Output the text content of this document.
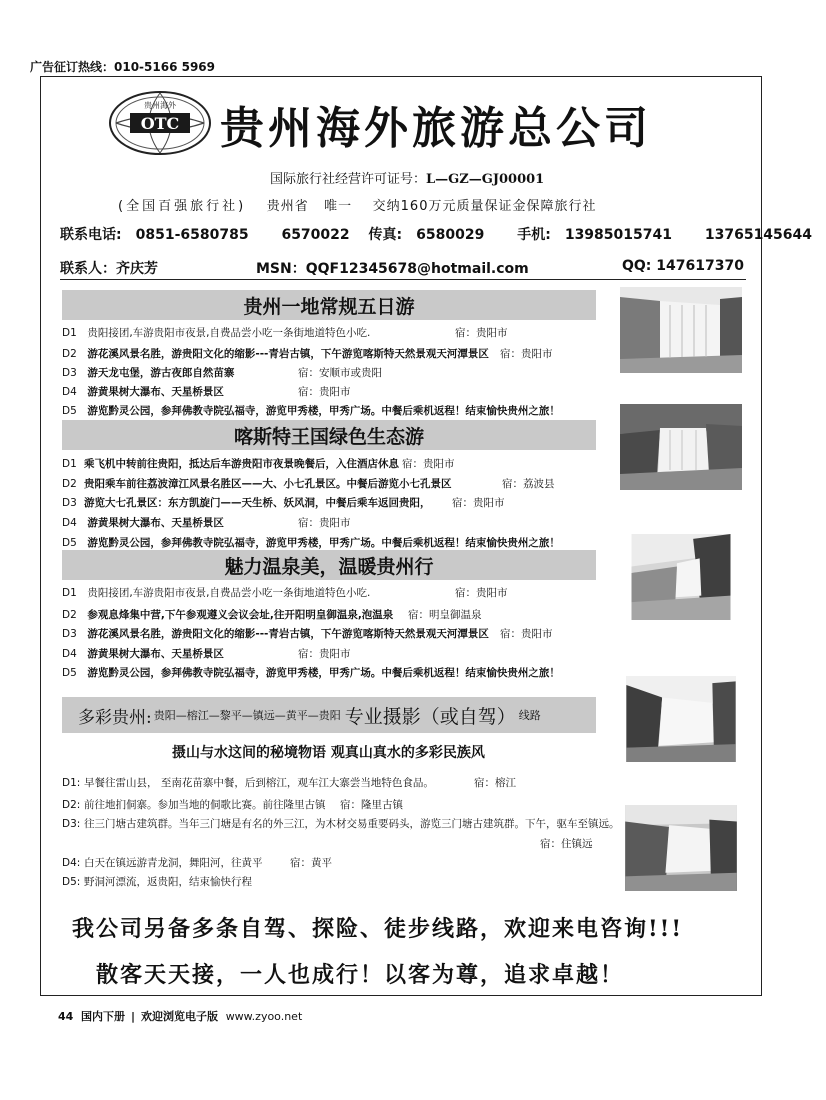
广告征订热线：010-5166 5969
OTC
贵州海外 贵州海外旅游总公司
国际旅行社经营许可证号：L—GZ—GJ00001
(全国百强旅行社) 贵州省 唯一 交纳160万元质量保证金保障旅行社
联系电话: 0851-6580785 6570022 传真: 6580029 手机: 13985015741 13765145644
联系人：齐庆芳	MSN：QQF12345678@hotmail.com	QQ: 147617370
贵州一地常规五日游
D1 贵阳接团,车游贵阳市夜景,自费品尝小吃一条街地道特色小吃.	宿：贵阳市
D2 游花溪风景名胜，游贵阳文化的缩影---青岩古镇，下午游览喀斯特天然景观天河潭景区 宿：贵阳市
D3 游天龙屯堡，游古夜郎自然苗寨	宿：安顺市或贵阳
D4 游黄果树大瀑布、天星桥景区	宿：贵阳市
D5 游览黔灵公园，参拜佛教寺院弘福寺，游览甲秀楼，甲秀广场。中餐后乘机返程！结束愉快贵州之旅！
喀斯特王国绿色生态游
D1 乘飞机中转前往贵阳，抵达后车游贵阳市夜景晚餐后，入住酒店休息 宿：贵阳市
D2 贵阳乘车前往荔波漳江风景名胜区——大、小七孔景区。中餐后游览小七孔景区	宿：荔波县
D3 游览大七孔景区：东方凯旋门——天生桥、妖风洞，中餐后乘车返回贵阳， 宿：贵阳市
D4 游黄果树大瀑布、天星桥景区	宿：贵阳市
D5 游览黔灵公园，参拜佛教寺院弘福寺，游览甲秀楼，甲秀广场。中餐后乘机返程！结束愉快贵州之旅！
魅力温泉美，温暖贵州行
D1 贵阳接团,车游贵阳市夜景,自费品尝小吃一条街地道特色小吃.	宿：贵阳市
D2 参观息烽集中营,下午参观遵义会议会址,往开阳明皇御温泉,泡温泉 宿：明皇御温泉
D3 游花溪风景名胜，游贵阳文化的缩影---青岩古镇，下午游览喀斯特天然景观天河潭景区 宿：贵阳市
D4 游黄果树大瀑布、天星桥景区	宿：贵阳市
D5 游览黔灵公园，参拜佛教寺院弘福寺，游览甲秀楼，甲秀广场。中餐后乘机返程！结束愉快贵州之旅！
多彩贵州: 贵阳—榕江—黎平—镇远—黄平—贵阳 专业摄影（或自驾） 线路
摄山与水这间的秘境物语 观真山真水的多彩民族风
D1: 早餐往雷山县， 至南花苗寨中餐，后到榕江，观车江大寨尝当地特色食品。	宿：榕江
D2: 前往地扪侗寨。参加当地的侗歌比赛。前往隆里古镇 宿：隆里古镇
D3: 往三门塘古建筑群。当年三门塘是有名的外三江，为木材交易重要码头，游览三门塘古建筑群。下午，驱车至镇远。
宿：住镇远
D4: 白天在镇远游青龙洞，舞阳河，往黄平	宿：黄平
D5: 野洞河漂流，返贵阳，结束愉快行程
我公司另备多条自驾、探险、徒步线路，欢迎来电咨询!!!
散客天天接，一人也成行！以客为尊，追求卓越！
44 国内下册 | 欢迎浏览电子版 www.zyoo.net
